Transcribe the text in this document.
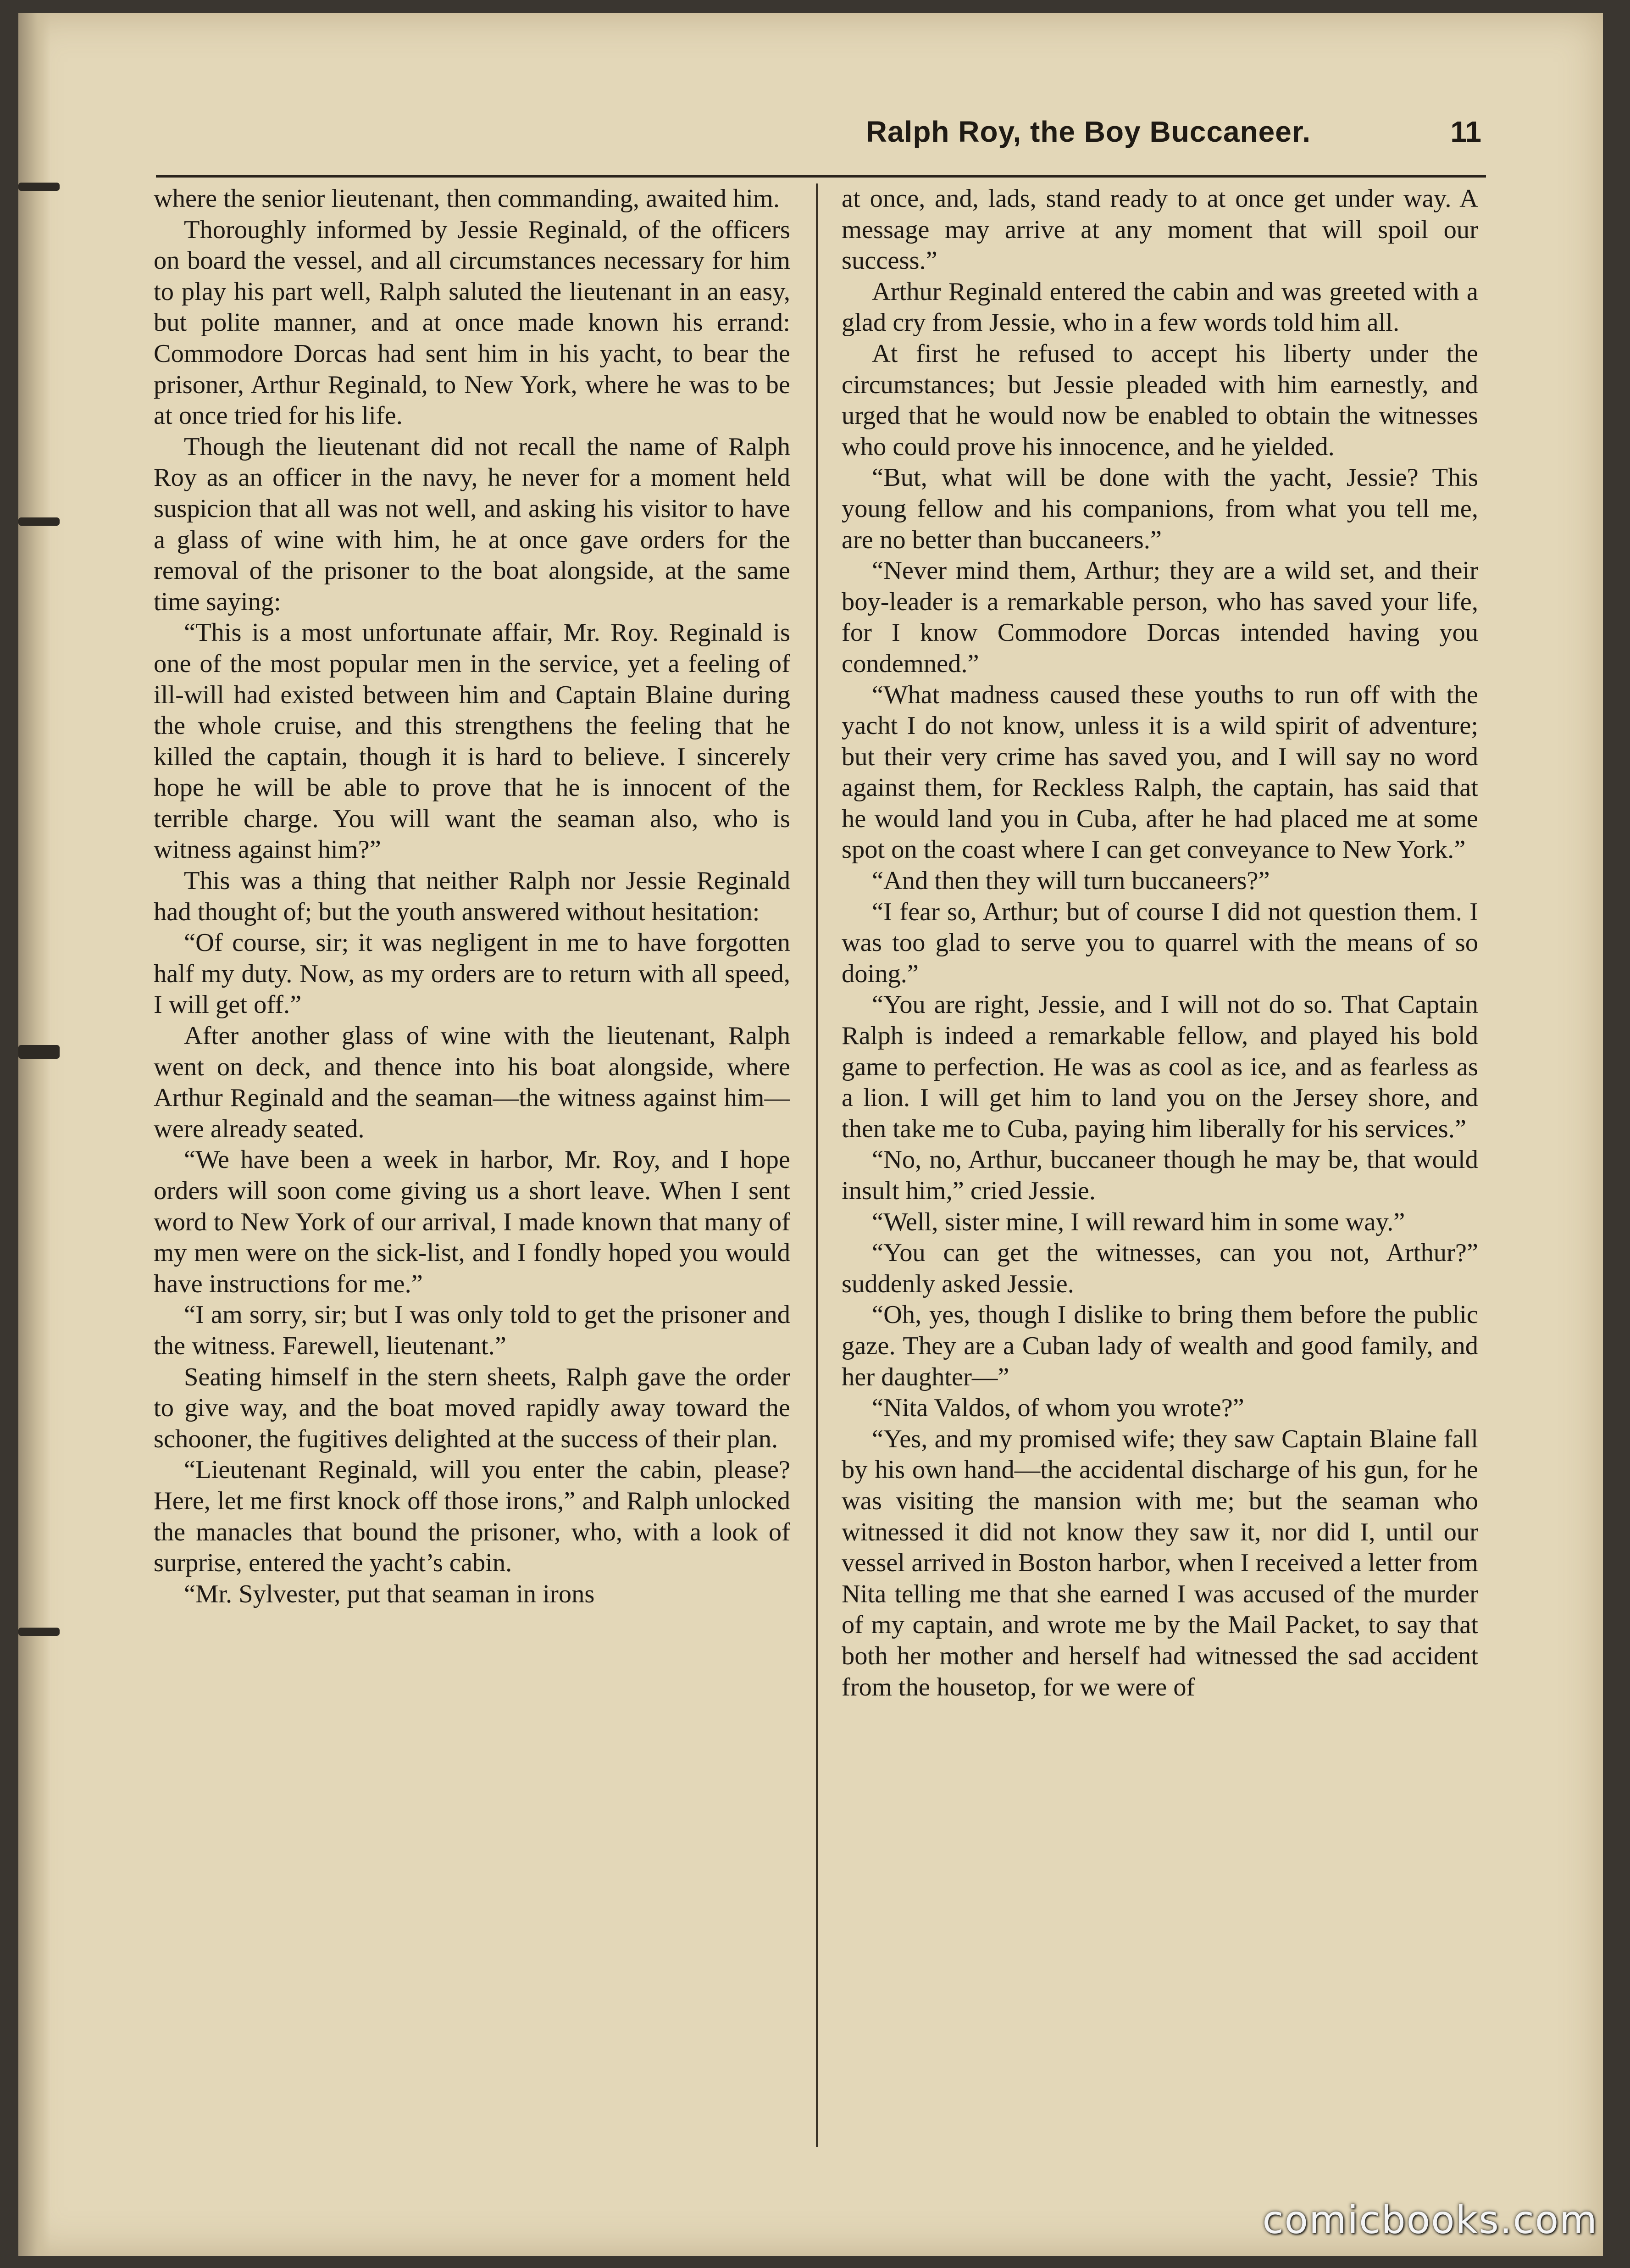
Ralph Roy, the Boy Buccaneer.	11

where the senior lieutenant, then commanding, awaited him.

Thoroughly informed by Jessie Reginald, of the officers on board the vessel, and all circumstances necessary for him to play his part well, Ralph saluted the lieutenant in an easy, but polite manner, and at once made known his errand: Commodore Dorcas had sent him in his yacht, to bear the prisoner, Arthur Reginald, to New York, where he was to be at once tried for his life.

Though the lieutenant did not recall the name of Ralph Roy as an officer in the navy, he never for a moment held suspicion that all was not well, and asking his visitor to have a glass of wine with him, he at once gave orders for the removal of the prisoner to the boat alongside, at the same time saying:

“This is a most unfortunate affair, Mr. Roy. Reginald is one of the most popular men in the service, yet a feeling of ill-will had existed between him and Captain Blaine during the whole cruise, and this strengthens the feeling that he killed the captain, though it is hard to believe. I sincerely hope he will be able to prove that he is innocent of the terrible charge. You will want the seaman also, who is witness against him?”

This was a thing that neither Ralph nor Jessie Reginald had thought of; but the youth answered without hesitation:

“Of course, sir; it was negligent in me to have forgotten half my duty. Now, as my orders are to return with all speed, I will get off.”

After another glass of wine with the lieutenant, Ralph went on deck, and thence into his boat alongside, where Arthur Reginald and the seaman—the witness against him—were already seated.

“We have been a week in harbor, Mr. Roy, and I hope orders will soon come giving us a short leave. When I sent word to New York of our arrival, I made known that many of my men were on the sick-list, and I fondly hoped you would have instructions for me.”

“I am sorry, sir; but I was only told to get the prisoner and the witness. Farewell, lieutenant.”

Seating himself in the stern sheets, Ralph gave the order to give way, and the boat moved rapidly away toward the schooner, the fugitives delighted at the success of their plan.

“Lieutenant Reginald, will you enter the cabin, please? Here, let me first knock off those irons,” and Ralph unlocked the manacles that bound the prisoner, who, with a look of surprise, entered the yacht’s cabin.

“Mr. Sylvester, put that seaman in irons

at once, and, lads, stand ready to at once get under way. A message may arrive at any moment that will spoil our success.”

Arthur Reginald entered the cabin and was greeted with a glad cry from Jessie, who in a few words told him all.

At first he refused to accept his liberty under the circumstances; but Jessie pleaded with him earnestly, and urged that he would now be enabled to obtain the witnesses who could prove his innocence, and he yielded.

“But, what will be done with the yacht, Jessie? This young fellow and his companions, from what you tell me, are no better than buccaneers.”

“Never mind them, Arthur; they are a wild set, and their boy-leader is a remarkable person, who has saved your life, for I know Commodore Dorcas intended having you condemned.”

“What madness caused these youths to run off with the yacht I do not know, unless it is a wild spirit of adventure; but their very crime has saved you, and I will say no word against them, for Reckless Ralph, the captain, has said that he would land you in Cuba, after he had placed me at some spot on the coast where I can get conveyance to New York.”

“And then they will turn buccaneers?”

“I fear so, Arthur; but of course I did not question them. I was too glad to serve you to quarrel with the means of so doing.”

“You are right, Jessie, and I will not do so. That Captain Ralph is indeed a remarkable fellow, and played his bold game to perfection. He was as cool as ice, and as fearless as a lion. I will get him to land you on the Jersey shore, and then take me to Cuba, paying him liberally for his services.”

“No, no, Arthur, buccaneer though he may be, that would insult him,” cried Jessie.

“Well, sister mine, I will reward him in some way.”

“You can get the witnesses, can you not, Arthur?” suddenly asked Jessie.

“Oh, yes, though I dislike to bring them before the public gaze. They are a Cuban lady of wealth and good family, and her daughter—”

“Nita Valdos, of whom you wrote?”

“Yes, and my promised wife; they saw Captain Blaine fall by his own hand—the accidental discharge of his gun, for he was visiting the mansion with me; but the seaman who witnessed it did not know they saw it, nor did I, until our vessel arrived in Boston harbor, when I received a letter from Nita telling me that she earned I was accused of the murder of my captain, and wrote me by the Mail Packet, to say that both her mother and herself had witnessed the sad accident from the housetop, for we were of

comicbooks.com
